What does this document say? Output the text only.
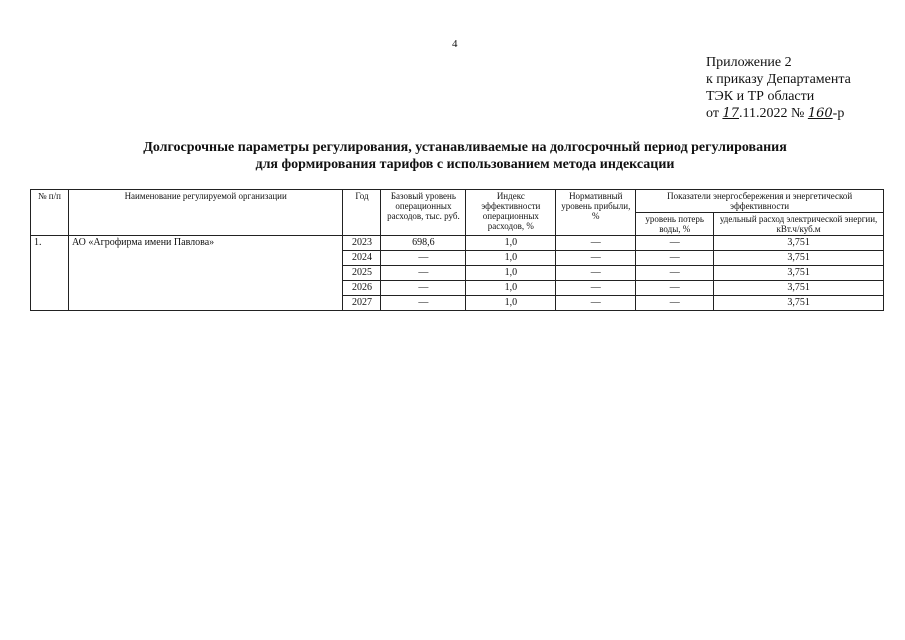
4
Приложение 2
к приказу Департамента
ТЭК и ТР области
от 17.11.2022 № 160-р
Долгосрочные параметры регулирования, устанавливаемые на долгосрочный период регулирования
для формирования тарифов с использованием метода индексации
№ п/п	Наименование регулируемой организации	Год	Базовый уровень операционных расходов, тыс. руб.	Индекс эффективности операционных расходов, %	Нормативный уровень прибыли, %	Показатели энергосбережения и энергетической эффективности	
						уровень потерь воды, %	удельный расход электрической энергии, кВт.ч/куб.м
1.	АО «Агрофирма имени Павлова»	2023	698,6	1,0	—	—	3,751
		2024	—	1,0	—	—	3,751
		2025	—	1,0	—	—	3,751
		2026	—	1,0	—	—	3,751
		2027	—	1,0	—	—	3,751
